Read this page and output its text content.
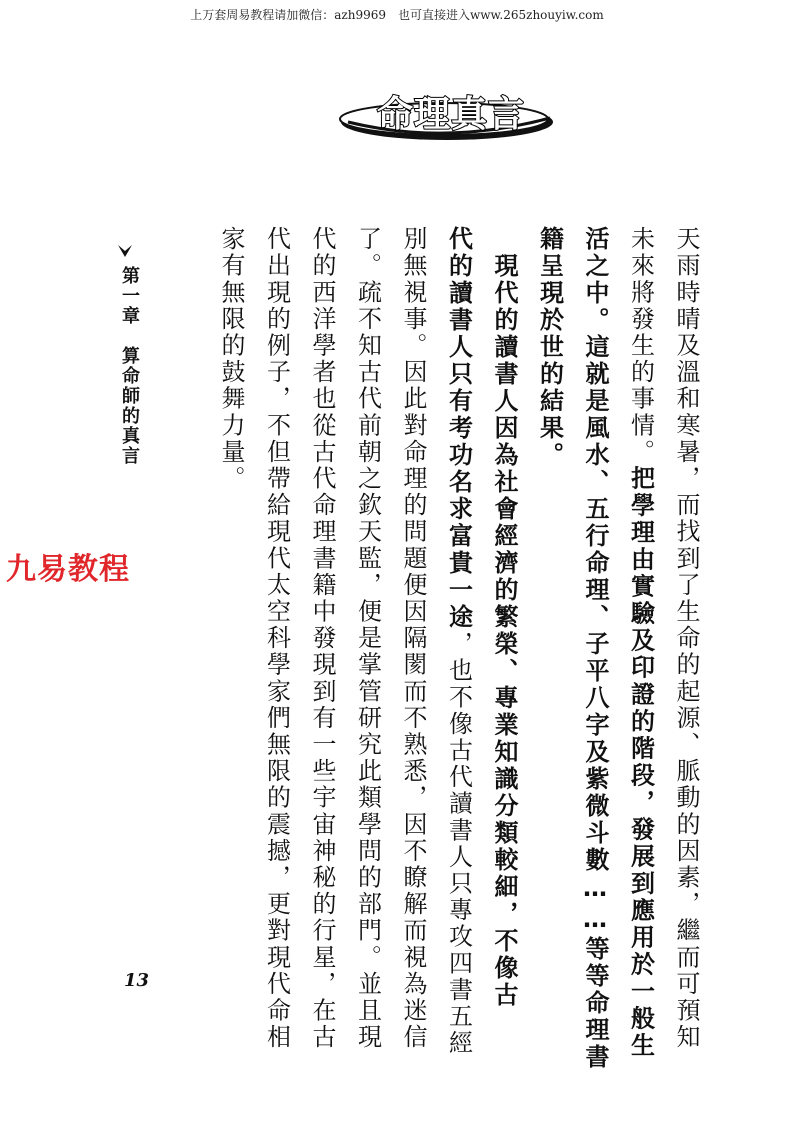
上万套周易教程请加微信：azh9969　也可直接进入www.265zhouyiw.com
命理真言
天雨時晴及溫和寒暑，而找到了生命的起源、脈動的因素，繼而可預知
未來將發生的事情。把學理由實驗及印證的階段，發展到應用於一般生
活之中。這就是風水、五行命理、子平八字及紫微斗數……等等命理書
籍呈現於世的結果。
　現代的讀書人因為社會經濟的繁榮、專業知識分類較細，不像古
代的讀書人只有考功名求富貴一途，也不像古代讀書人只專攻四書五經
別無視事。因此對命理的問題便因隔閡而不熟悉，因不瞭解而視為迷信
了。疏不知古代前朝之欽天監，便是掌管研究此類學問的部門。並且現
代的西洋學者也從古代命理書籍中發現到有一些宇宙神秘的行星，在古
代出現的例子，不但帶給現代太空科學家們無限的震撼，更對現代命相
家有無限的鼓舞力量。
第一章　算命師的真言
九易教程
13
